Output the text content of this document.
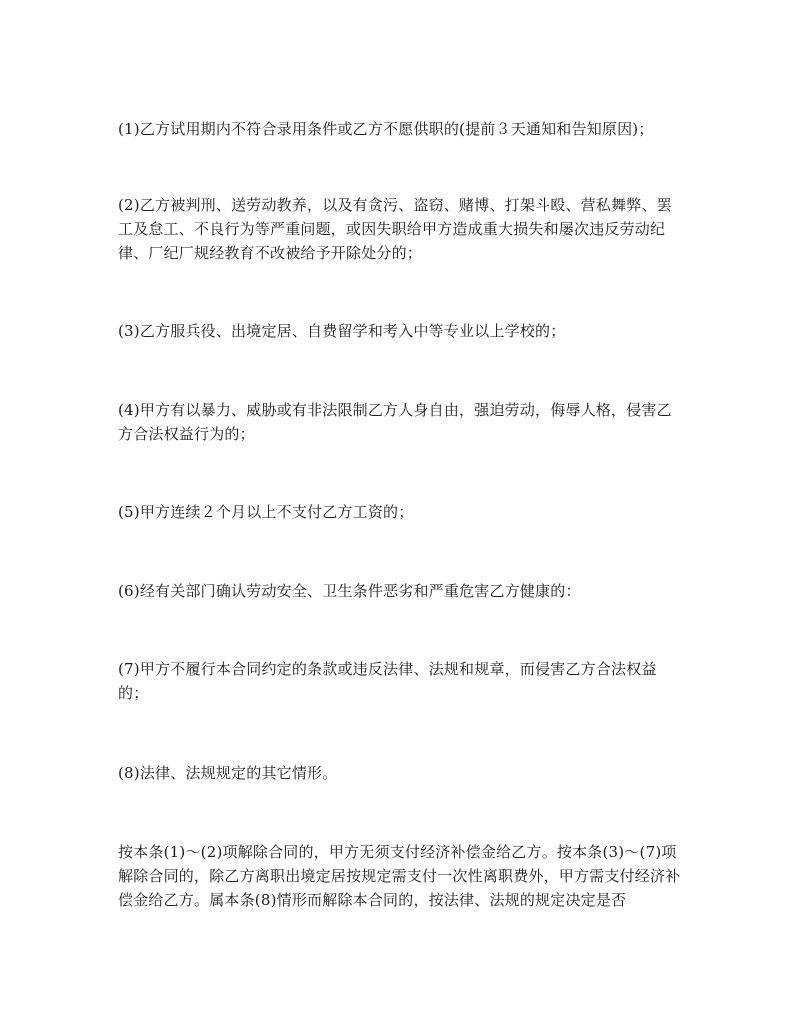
(1)乙方试用期内不符合录用条件或乙方不愿供职的(提前３天通知和告知原因)；

(2)乙方被判刑、送劳动教养，以及有贪污、盗窃、赌博、打架斗殴、营私舞弊、罢工及怠工、不良行为等严重问题，或因失职给甲方造成重大损失和屡次违反劳动纪律、厂纪厂规经教育不改被给予开除处分的；

(3)乙方服兵役、出境定居、自费留学和考入中等专业以上学校的；

(4)甲方有以暴力、威胁或有非法限制乙方人身自由，强迫劳动，侮辱人格，侵害乙方合法权益行为的；

(5)甲方连续２个月以上不支付乙方工资的；

(6)经有关部门确认劳动安全、卫生条件恶劣和严重危害乙方健康的：

(7)甲方不履行本合同约定的条款或违反法律、法规和规章，而侵害乙方合法权益的；

(8)法律、法规规定的其它情形。

按本条(1)～(2)项解除合同的，甲方无须支付经济补偿金给乙方。按本条(3)～(7)项解除合同的，除乙方离职出境定居按规定需支付一次性离职费外，甲方需支付经济补偿金给乙方。属本条(8)情形而解除本合同的，按法律、法规的规定决定是否
